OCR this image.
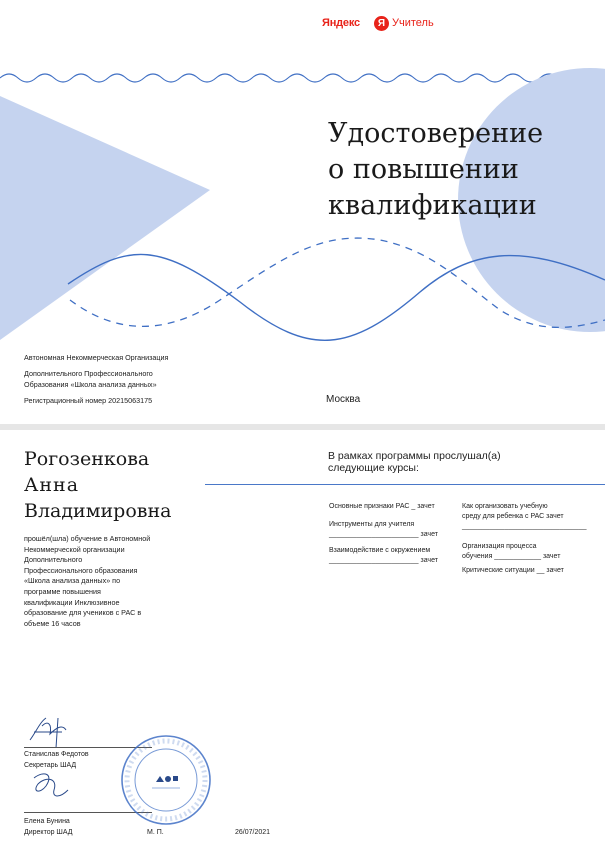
Яндекс	Я Учитель
Удостоверение
о повышении
квалификации

Автономная Некоммерческая Организация

Дополнительного Профессионального

Образования «Школа анализа данных»

Регистрационный номер 20215063175	Москва
Рогозенкова
Анна
Владимировна
прошёл(шла) обучение в Автономной
Некоммерческой организации
Дополнительного
Профессионального образования
«Школа анализа данных» по
программе повышения
квалификации Инклюзивное
образование для учеников с РАС в
объеме 16 часов
В рамках программы прослушал(а)
следующие курсы:
Основные признаки РАС _ зачет
Инструменты для учителя
_______________________ зачет
Взаимодействие с окружением
_______________________ зачет
Как организовать учебную
среду для ребенка с РАС зачет
________________________________
Организация процесса
обучения ____________ зачет
Критические ситуации __ зачет
Станислав Федотов
Секретарь ШАД
Елена Бунина
Директор ШАД	М. П.	26/07/2021
